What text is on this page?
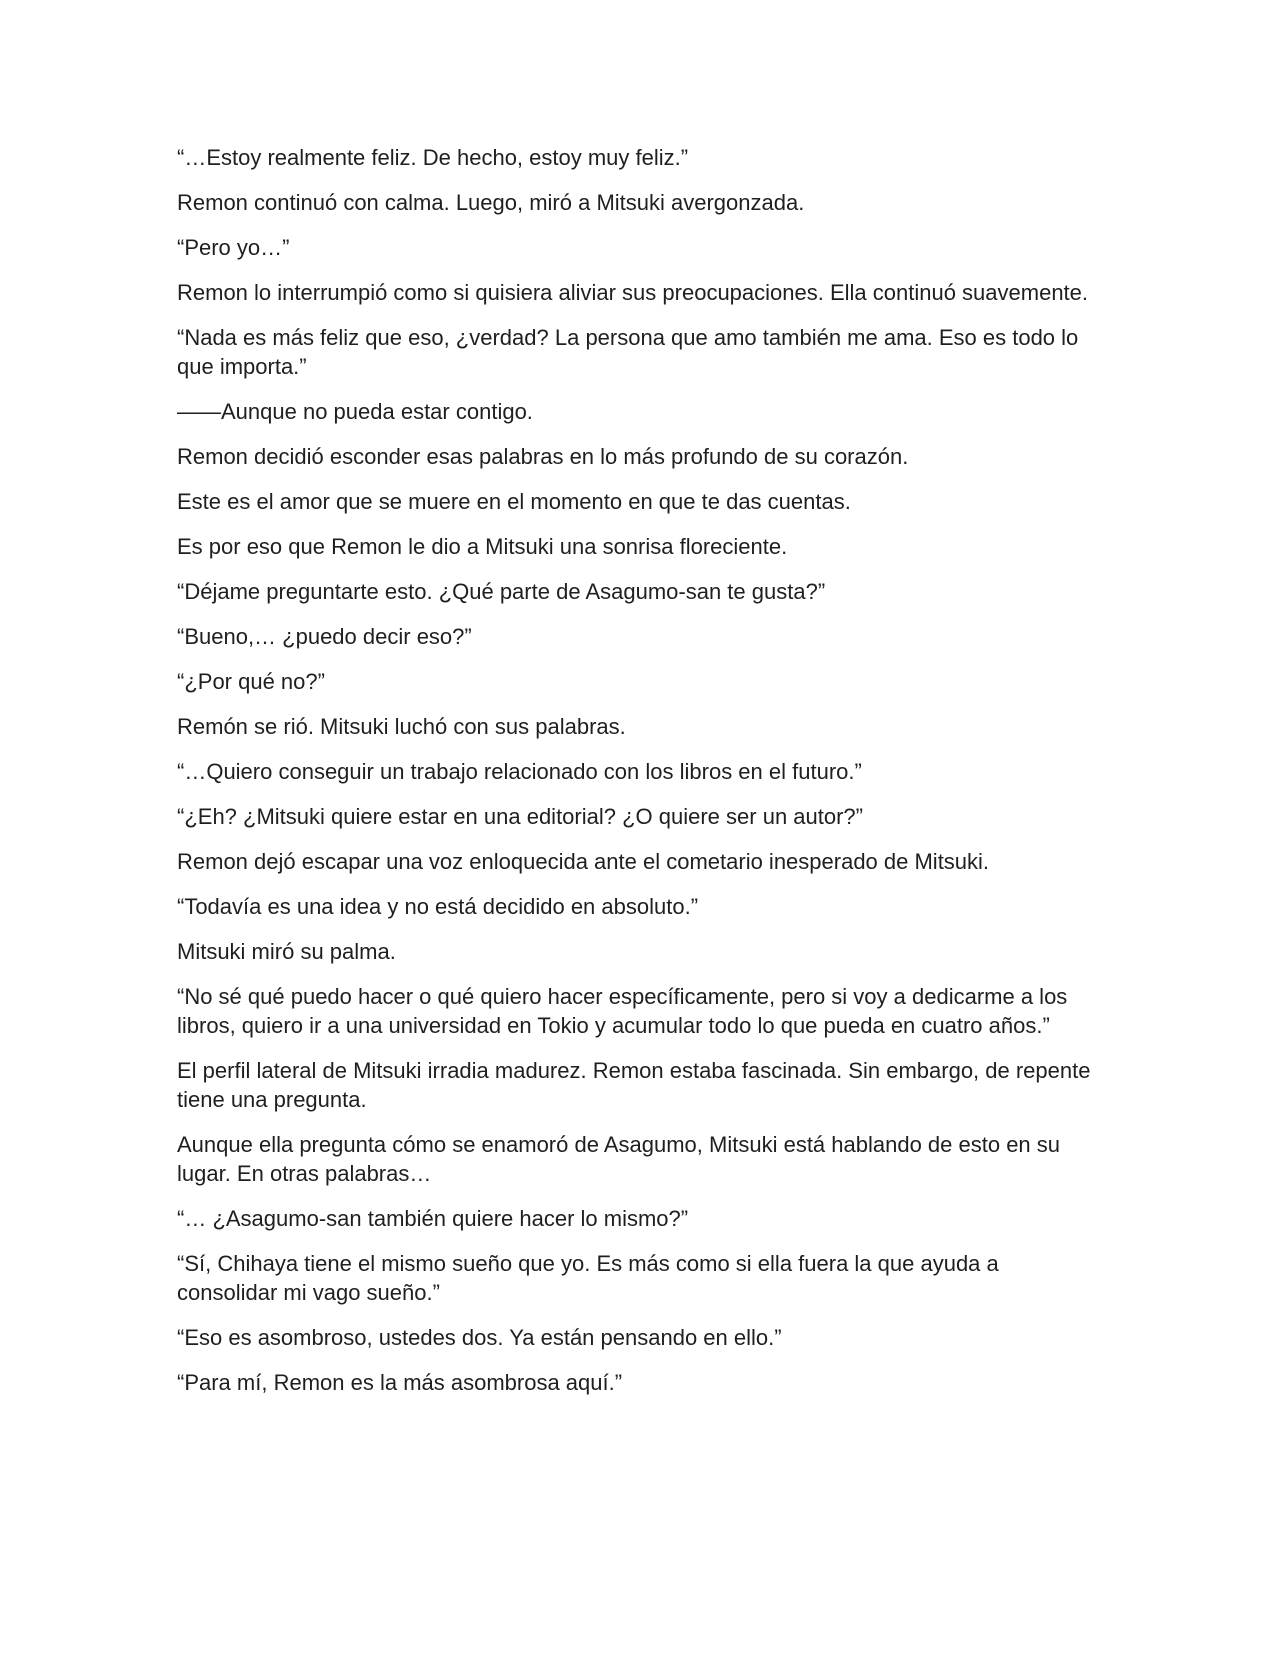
“…Estoy realmente feliz. De hecho, estoy muy feliz.”

Remon continuó con calma. Luego, miró a Mitsuki avergonzada.

“Pero yo…”

Remon lo interrumpió como si quisiera aliviar sus preocupaciones. Ella continuó suavemente.

“Nada es más feliz que eso, ¿verdad? La persona que amo también me ama. Eso es todo lo que importa.”

——Aunque no pueda estar contigo.

Remon decidió esconder esas palabras en lo más profundo de su corazón.

Este es el amor que se muere en el momento en que te das cuentas.

Es por eso que Remon le dio a Mitsuki una sonrisa floreciente.

“Déjame preguntarte esto. ¿Qué parte de Asagumo-san te gusta?”

“Bueno,… ¿puedo decir eso?”

“¿Por qué no?”

Remón se rió. Mitsuki luchó con sus palabras.

“…Quiero conseguir un trabajo relacionado con los libros en el futuro.”

“¿Eh? ¿Mitsuki quiere estar en una editorial? ¿O quiere ser un autor?”

Remon dejó escapar una voz enloquecida ante el cometario inesperado de Mitsuki.

“Todavía es una idea y no está decidido en absoluto.”

Mitsuki miró su palma.

“No sé qué puedo hacer o qué quiero hacer específicamente, pero si voy a dedicarme a los libros, quiero ir a una universidad en Tokio y acumular todo lo que pueda en cuatro años.”

El perfil lateral de Mitsuki irradia madurez. Remon estaba fascinada. Sin embargo, de repente tiene una pregunta.

Aunque ella pregunta cómo se enamoró de Asagumo, Mitsuki está hablando de esto en su lugar. En otras palabras…

“… ¿Asagumo-san también quiere hacer lo mismo?”

“Sí, Chihaya tiene el mismo sueño que yo. Es más como si ella fuera la que ayuda a consolidar mi vago sueño.”

“Eso es asombroso, ustedes dos. Ya están pensando en ello.”

“Para mí, Remon es la más asombrosa aquí.”
